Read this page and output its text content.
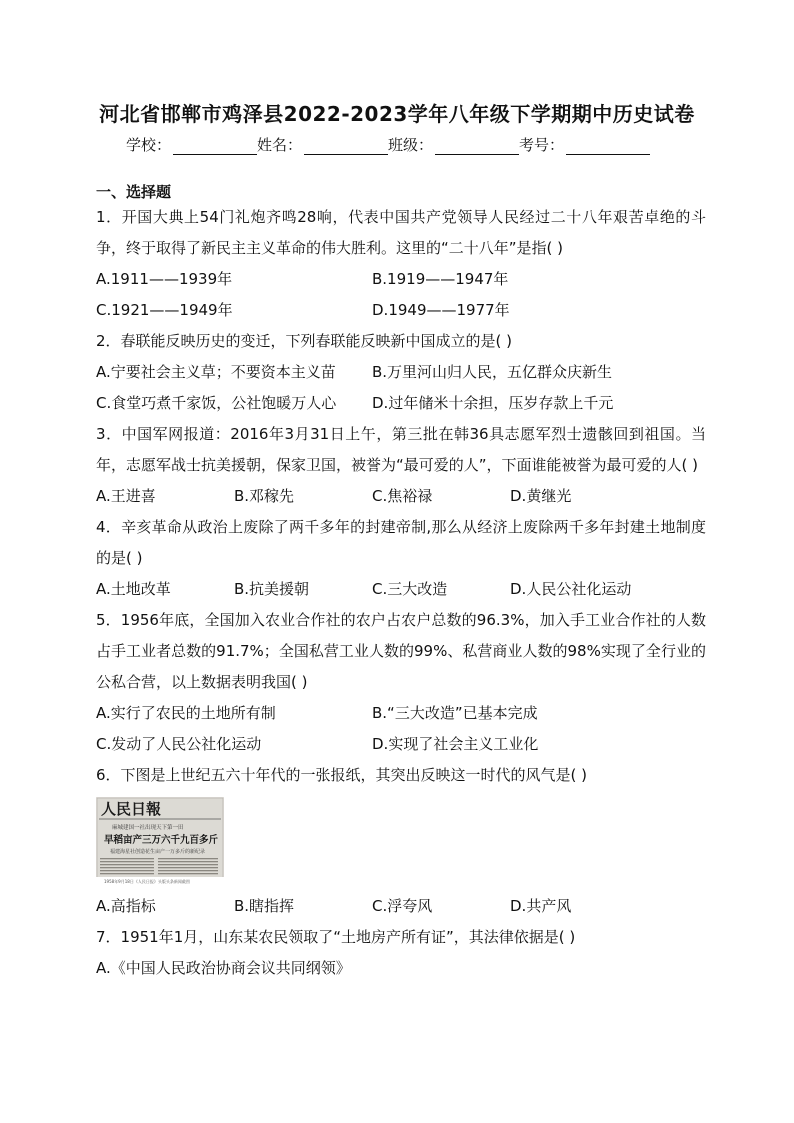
河北省邯郸市鸡泽县2022-2023学年八年级下学期期中历史试卷
学校：	姓名：	班级：	考号：
一、选择题
1．开国大典上54门礼炮齐鸣28响，代表中国共产党领导人民经过二十八年艰苦卓绝的斗争，终于取得了新民主主义革命的伟大胜利。这里的“二十八年”是指( )
A.1911——1939年	B.1919——1947年
C.1921——1949年	D.1949——1977年
2．春联能反映历史的变迁，下列春联能反映新中国成立的是( )
A.宁要社会主义草；不要资本主义苗	B.万里河山归人民，五亿群众庆新生
C.食堂巧煮千家饭，公社饱暖万人心	D.过年储米十余担，压岁存款上千元
3．中国军网报道：2016年3月31日上午，第三批在韩36具志愿军烈士遗骸回到祖国。当年，志愿军战士抗美援朝，保家卫国，被誉为“最可爱的人”，下面谁能被誉为最可爱的人( )
A.王进喜	B.邓稼先	C.焦裕禄	D.黄继光
4．辛亥革命从政治上废除了两千多年的封建帝制,那么从经济上废除两千多年封建土地制度的是( )
A.土地改革	B.抗美援朝	C.三大改造	D.人民公社化运动
5．1956年底，全国加入农业合作社的农户占农户总数的96.3%，加入手工业合作社的人数占手工业者总数的91.7%；全国私营工业人数的99%、私营商业人数的98%实现了全行业的公私合营，以上数据表明我国( )
A.实行了农民的土地所有制	B.“三大改造”已基本完成
C.发动了人民公社化运动	D.实现了社会主义工业化
6．下图是上世纪五六十年代的一张报纸，其突出反映这一时代的风气是( )
人民日報
麻城建国一社出现天下第一田
早稻亩产三万六千九百多斤
福建海星社创造花生亩产一万多斤的新纪录
1958年9月18日《人民日报》头版头条新闻截图
A.高指标	B.瞎指挥	C.浮夸风	D.共产风
7．1951年1月，山东某农民领取了“土地房产所有证”，其法律依据是( )
A.《中国人民政治协商会议共同纲领》
